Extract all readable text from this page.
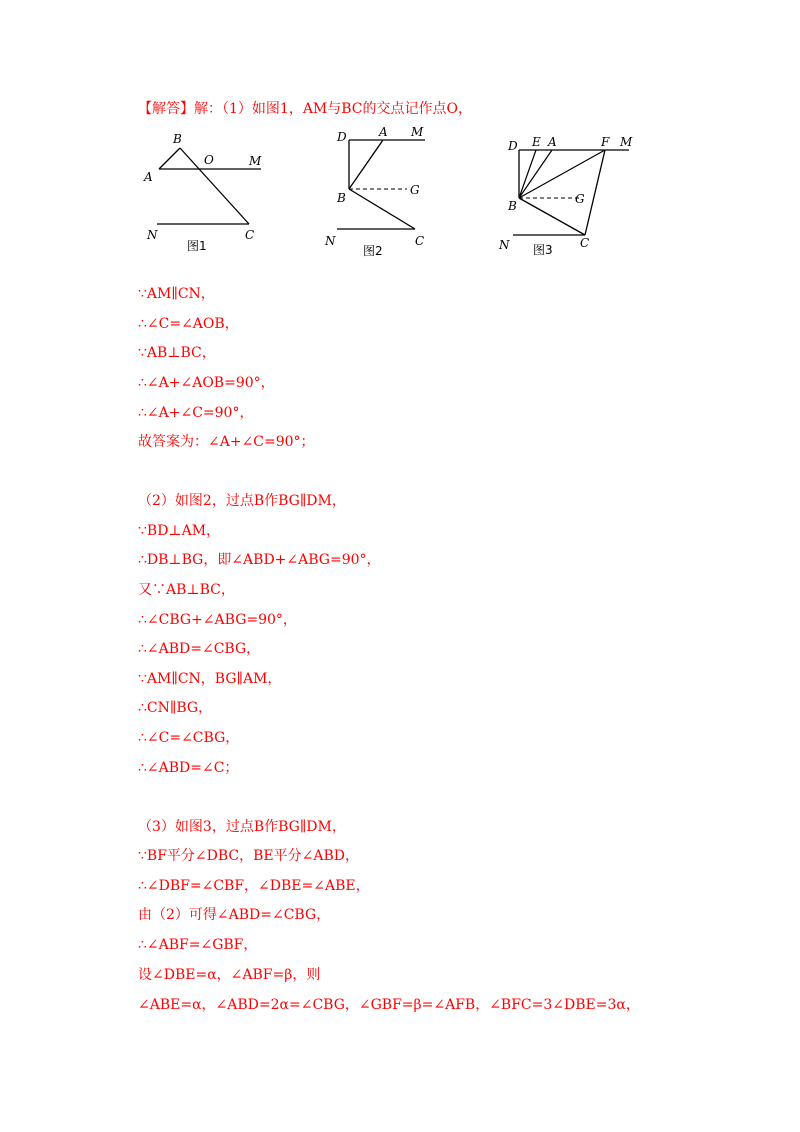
【解答】解：（1）如图1，AM与BC的交点记作点O，
B
A
O	M
N	C
图1
D	A M
B
G
N	C
图2
D E A	F M
B	G
N	C
图3
∵AM∥CN，
∴∠C=∠AOB，
∵AB⊥BC，
∴∠A+∠AOB=90°，
∴∠A+∠C=90°，
故答案为：∠A+∠C=90°；
（2）如图2，过点B作BG∥DM，
∵BD⊥AM，
∴DB⊥BG，即∠ABD+∠ABG=90°，
又∵AB⊥BC，
∴∠CBG+∠ABG=90°，
∴∠ABD=∠CBG，
∵AM∥CN，BG∥AM，
∴CN∥BG，
∴∠C=∠CBG，
∴∠ABD=∠C；
（3）如图3，过点B作BG∥DM，
∵BF平分∠DBC，BE平分∠ABD，
∴∠DBF=∠CBF，∠DBE=∠ABE，
由（2）可得∠ABD=∠CBG，
∴∠ABF=∠GBF，
设∠DBE=α，∠ABF=β，则
∠ABE=α，∠ABD=2α=∠CBG，∠GBF=β=∠AFB，∠BFC=3∠DBE=3α，
